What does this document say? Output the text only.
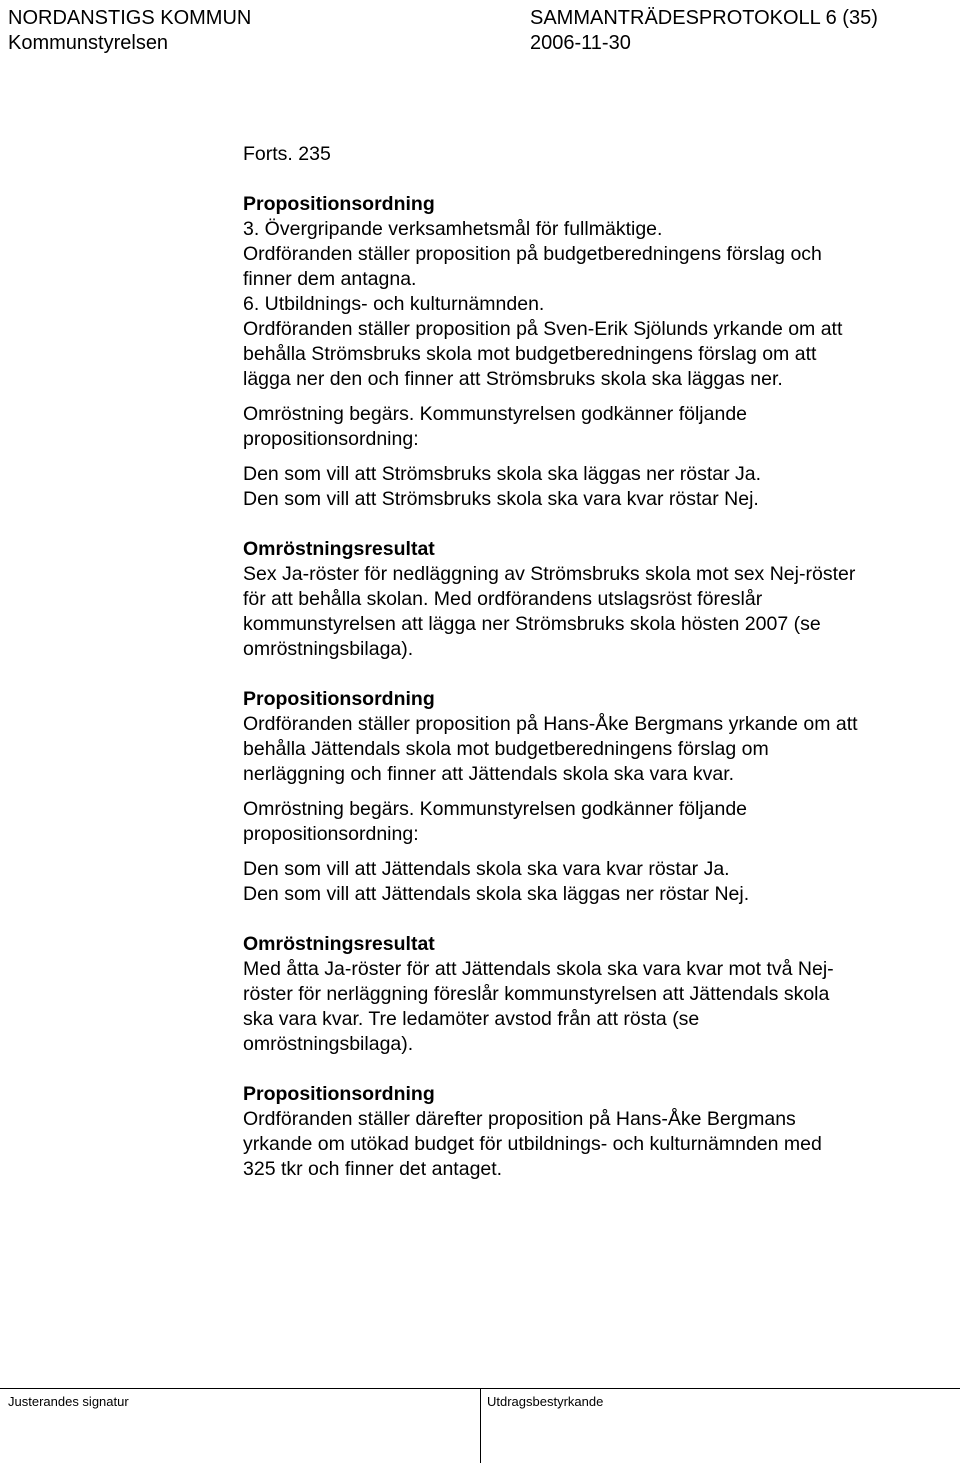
NORDANSTIGS KOMMUN
Kommunstyrelsen
SAMMANTRÄDESPROTOKOLL 6 (35)
2006-11-30

Forts. 235

Propositionsordning

3. Övergripande verksamhetsmål för fullmäktige.

Ordföranden ställer proposition på budgetberedningens förslag och

finner dem antagna.

6. Utbildnings- och kulturnämnden.

Ordföranden ställer proposition på Sven-Erik Sjölunds yrkande om att

behålla Strömsbruks skola mot budgetberedningens förslag om att

lägga ner den och finner att Strömsbruks skola ska läggas ner.

Omröstning begärs. Kommunstyrelsen godkänner följande

propositionsordning:

Den som vill att Strömsbruks skola ska läggas ner röstar Ja.

Den som vill att Strömsbruks skola ska vara kvar röstar Nej.

Omröstningsresultat

Sex Ja-röster för nedläggning av Strömsbruks skola mot sex Nej-röster

för att behålla skolan. Med ordförandens utslagsröst föreslår

kommunstyrelsen att lägga ner Strömsbruks skola hösten 2007 (se

omröstningsbilaga).

Propositionsordning

Ordföranden ställer proposition på Hans-Åke Bergmans yrkande om att

behålla Jättendals skola mot budgetberedningens förslag om

nerläggning och finner att Jättendals skola ska vara kvar.

Omröstning begärs. Kommunstyrelsen godkänner följande

propositionsordning:

Den som vill att Jättendals skola ska vara kvar röstar Ja.

Den som vill att Jättendals skola ska läggas ner röstar Nej.

Omröstningsresultat

Med åtta Ja-röster för att Jättendals skola ska vara kvar mot två Nej-

röster för nerläggning föreslår kommunstyrelsen att Jättendals skola

ska vara kvar. Tre ledamöter avstod från att rösta (se

omröstningsbilaga).

Propositionsordning

Ordföranden ställer därefter proposition på Hans-Åke Bergmans

yrkande om utökad budget för utbildnings- och kulturnämnden med

325 tkr och finner det antaget.

Justerandes signatur	Utdragsbestyrkande
